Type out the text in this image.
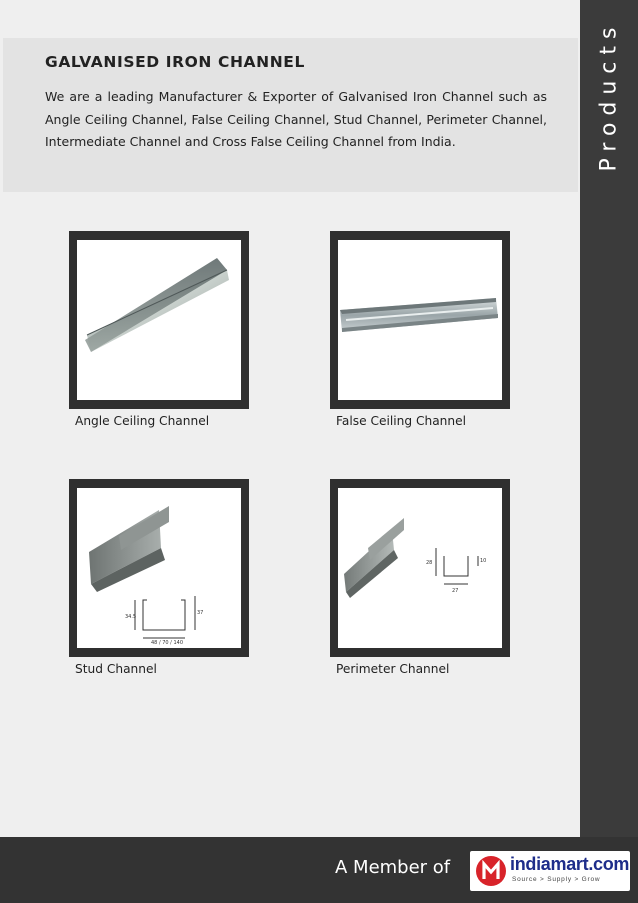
Products
GALVANISED IRON CHANNEL
We are a leading Manufacturer & Exporter of Galvanised Iron Channel such as Angle Ceiling Channel, False Ceiling Channel, Stud Channel, Perimeter Channel, Intermediate Channel and Cross False Ceiling Channel from India.
Angle Ceiling Channel	False Ceiling Channel
34.5
37
48 / 70 / 140
Stud Channel
28	10
27
Perimeter Channel
A Member of	indiamart.com
Source > Supply > Grow
